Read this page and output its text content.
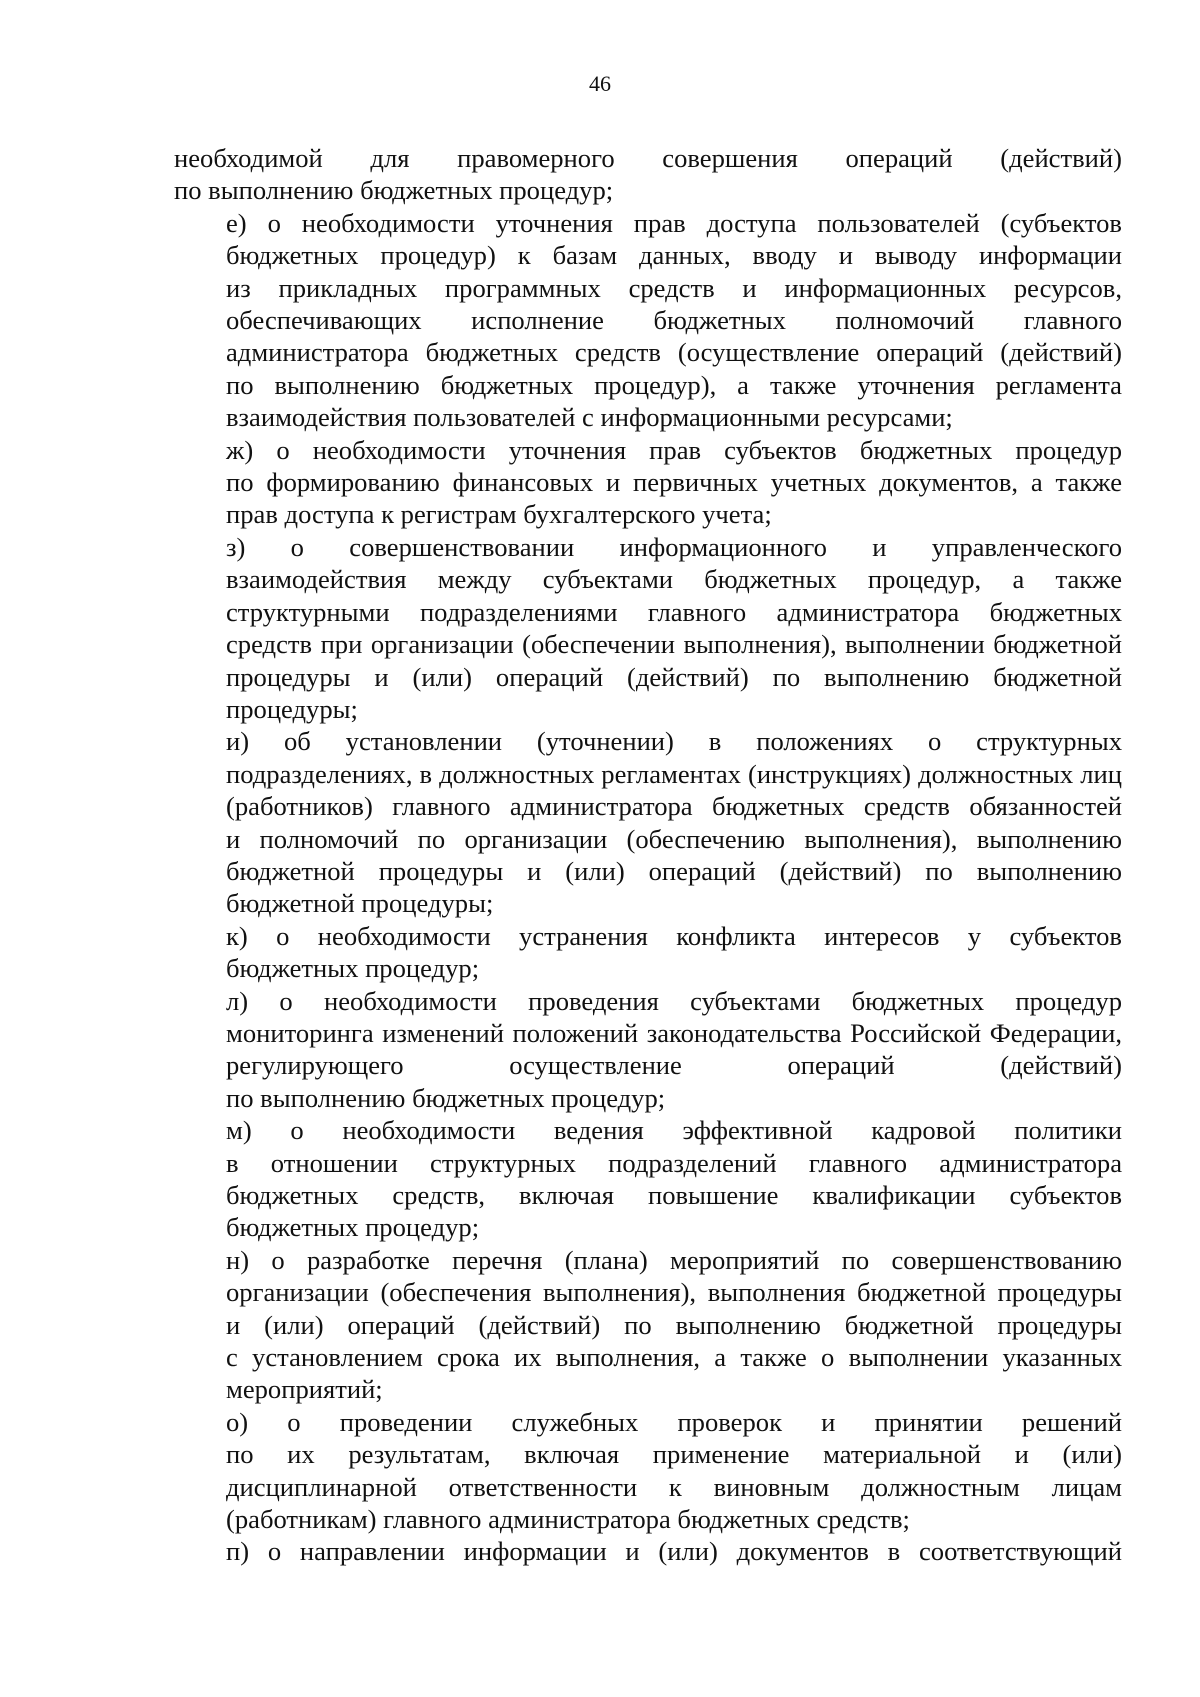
46
необходимой для правомерного совершения операций (действий)
по выполнению бюджетных процедур;
е) о необходимости уточнения прав доступа пользователей (субъектов
бюджетных процедур) к базам данных, вводу и выводу информации
из прикладных программных средств и информационных ресурсов,
обеспечивающих исполнение бюджетных полномочий главного
администратора бюджетных средств (осуществление операций (действий)
по выполнению бюджетных процедур), а также уточнения регламента
взаимодействия пользователей с информационными ресурсами;
ж) о необходимости уточнения прав субъектов бюджетных процедур
по формированию финансовых и первичных учетных документов, а также
прав доступа к регистрам бухгалтерского учета;
з) о совершенствовании информационного и управленческого
взаимодействия между субъектами бюджетных процедур, а также
структурными подразделениями главного администратора бюджетных
средств при организации (обеспечении выполнения), выполнении бюджетной
процедуры и (или) операций (действий) по выполнению бюджетной
процедуры;
и) об установлении (уточнении) в положениях о структурных
подразделениях, в должностных регламентах (инструкциях) должностных лиц
(работников) главного администратора бюджетных средств обязанностей
и полномочий по организации (обеспечению выполнения), выполнению
бюджетной процедуры и (или) операций (действий) по выполнению
бюджетной процедуры;
к) о необходимости устранения конфликта интересов у субъектов
бюджетных процедур;
л) о необходимости проведения субъектами бюджетных процедур
мониторинга изменений положений законодательства Российской Федерации,
регулирующего осуществление операций (действий)
по выполнению бюджетных процедур;
м) о необходимости ведения эффективной кадровой политики
в отношении структурных подразделений главного администратора
бюджетных средств, включая повышение квалификации субъектов
бюджетных процедур;
н) о разработке перечня (плана) мероприятий по совершенствованию
организации (обеспечения выполнения), выполнения бюджетной процедуры
и (или) операций (действий) по выполнению бюджетной процедуры
с установлением срока их выполнения, а также о выполнении указанных
мероприятий;
о) о проведении служебных проверок и принятии решений
по их результатам, включая применение материальной и (или)
дисциплинарной ответственности к виновным должностным лицам
(работникам) главного администратора бюджетных средств;
п) о направлении информации и (или) документов в соответствующий
